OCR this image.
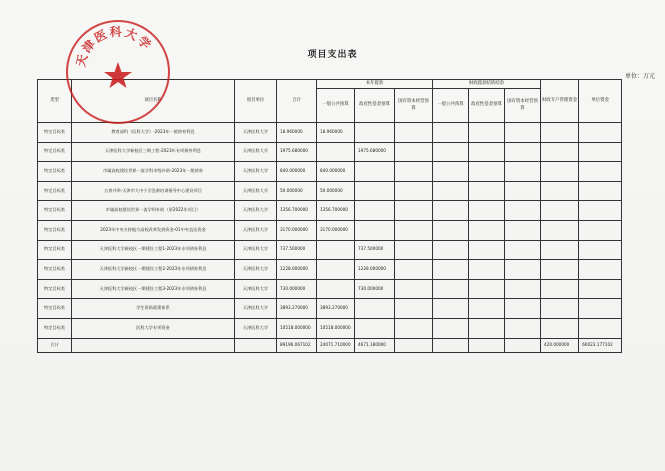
项目支出表
单位：万元
类型	项目名称	项目单位	合计	本年拨款			财政拨款结转结余			财政专户管理资金	单位资金

				一般公共预算	政府性基金预算	国有资本经营预算	一般公共预算	政府性基金预算	国有资本经营预算		

特定目标类	教育部科（医科大学）-2023年一般债券利息	天津医科大学	18.960000	18.960000							
特定目标类	天津医科大学新校区三期工程-2023年专项债券利息	天津医科大学	1975.680000		1975.680000						
特定目标类	市属高校建设世界一流学科市级补助-2023年一般债券	天津医科大学	840.000000	840.000000							
特定目标类	五育并举-天津市大中小学急救培训指导中心建设项目	天津医科大学	50.000000	50.000000							
特定目标类	市属高校建设世界一流学科补助（原2022年项目）	天津医科大学	1356.700000	1356.700000							
特定目标类	2023年中央支持地方高校改革发展资金-01中央直达资金	天津医科大学	3170.000000	3170.000000							
特定目标类	天津医科大学新校区一期建设工程1-2023年专项债券利息	天津医科大学	737.500000		737.500000						
特定目标类	天津医科大学新校区一期建设工程2-2023年专项债券利息	天津医科大学	1228.000000		1228.000000						
特定目标类	天津医科大学新校区一期建设工程3-2023年专项债券利息	天津医科大学	730.000000		730.000000						
特定目标类	学生资助政策体系	天津医科大学	3893.270000	3893.270000							
特定目标类	医科大学专项资金	天津医科大学	10518.000000	10518.000000							
合计			89196.067102	24071.710000	4671.180000					420.000000	60023.177102
天津医科大学
